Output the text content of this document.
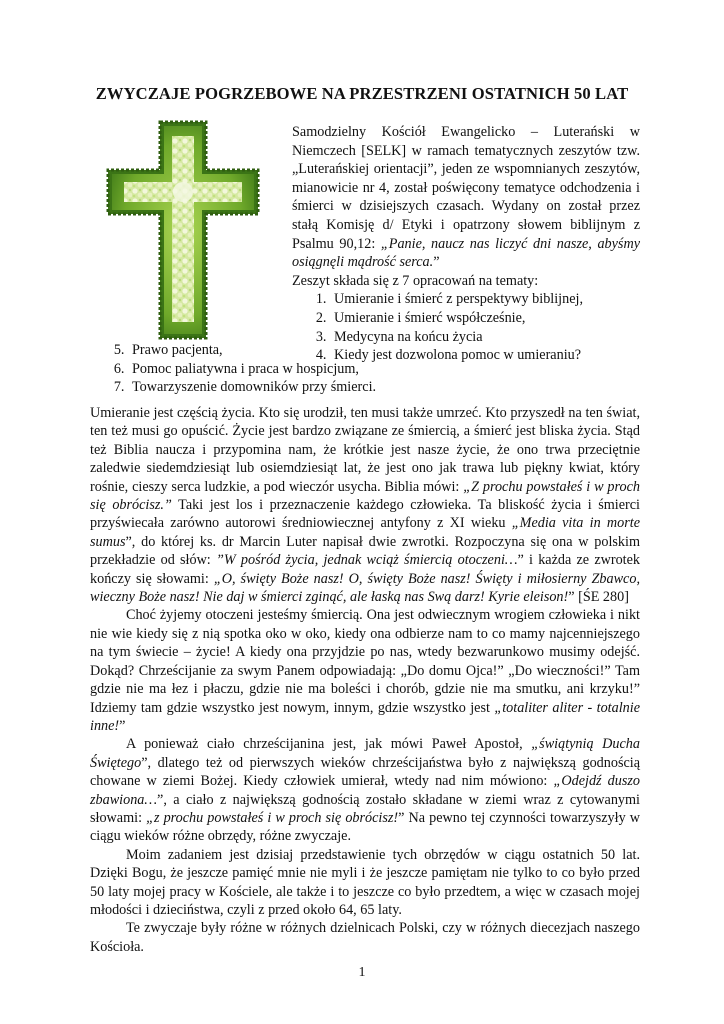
ZWYCZAJE POGRZEBOWE NA PRZESTRZENI OSTATNICH 50 LAT

Samodzielny Kościół Ewangelicko – Luterański w Niemczech [SELK] w ramach tematycznych zeszytów tzw. „Luterańskiej orientacji”, jeden ze wspomnianych zeszytów, mianowicie nr 4, został poświęcony tematyce odchodzenia i śmierci w dzisiejszych czasach. Wydany on został przez stałą Komisję d/ Etyki i opatrzony słowem biblijnym z Psalmu 90,12: „Panie, naucz nas liczyć dni nasze, abyśmy osiągnęli mądrość serca.”

Zeszyt składa się z 7 opracowań na tematy:

1. Umieranie i śmierć z perspektywy biblijnej,
2. Umieranie i śmierć współcześnie,
3. Medycyna na końcu życia
4. Kiedy jest dozwolona pomoc w umieraniu?
5. Prawo pacjenta,
6. Pomoc paliatywna i praca w hospicjum,
7. Towarzyszenie domowników przy śmierci.

Umieranie jest częścią życia. Kto się urodził, ten musi także umrzeć. Kto przyszedł na ten świat, ten też musi go opuścić. Życie jest bardzo związane ze śmiercią, a śmierć jest bliska życia. Stąd też Biblia naucza i przypomina nam, że krótkie jest nasze życie, że ono trwa przeciętnie zaledwie siedemdziesiąt lub osiemdziesiąt lat, że jest ono jak trawa lub piękny kwiat, który rośnie, cieszy serca ludzkie, a pod wieczór usycha. Biblia mówi: „Z prochu powstałeś i w proch się obrócisz.” Taki jest los i przeznaczenie każdego człowieka. Ta bliskość życia i śmierci przyświecała zarówno autorowi średniowiecznej antyfony z XI wieku „Media vita in morte sumus”, do której ks. dr Marcin Luter napisał dwie zwrotki. Rozpoczyna się ona w polskim przekładzie od słów: ”W pośród życia, jednak wciąż śmiercią otoczeni…” i każda ze zwrotek kończy się słowami: „O, święty Boże nasz! O, święty Boże nasz! Święty i miłosierny Zbawco, wieczny Boże nasz! Nie daj w śmierci zginąć, ale łaską nas Swą darz! Kyrie eleison!” [ŚE 280]

Choć żyjemy otoczeni jesteśmy śmiercią. Ona jest odwiecznym wrogiem człowieka i nikt nie wie kiedy się z nią spotka oko w oko, kiedy ona odbierze nam to co mamy najcenniejszego na tym świecie – życie! A kiedy ona przyjdzie po nas, wtedy bezwarunkowo musimy odejść. Dokąd? Chrześcijanie za swym Panem odpowiadają: „Do domu Ojca!” „Do wieczności!” Tam gdzie nie ma łez i płaczu, gdzie nie ma boleści i chorób, gdzie nie ma smutku, ani krzyku!” Idziemy tam gdzie wszystko jest nowym, innym, gdzie wszystko jest „totaliter aliter - totalnie inne!”

A ponieważ ciało chrześcijanina jest, jak mówi Paweł Apostoł, „świątynią Ducha Świętego”, dlatego też od pierwszych wieków chrześcijaństwa było z największą godnością chowane w ziemi Bożej. Kiedy człowiek umierał, wtedy nad nim mówiono: „Odejdź duszo zbawiona…”, a ciało z największą godnością zostało składane w ziemi wraz z cytowanymi słowami: „z prochu powstałeś i w proch się obrócisz!” Na pewno tej czynności towarzyszyły w ciągu wieków różne obrzędy, różne zwyczaje.

Moim zadaniem jest dzisiaj przedstawienie tych obrzędów w ciągu ostatnich 50 lat. Dzięki Bogu, że jeszcze pamięć mnie nie myli i że jeszcze pamiętam nie tylko to co było przed 50 laty mojej pracy w Kościele, ale także i to jeszcze co było przedtem, a więc w czasach mojej młodości i dzieciństwa, czyli z przed około 64, 65 laty.

Te zwyczaje były różne w różnych dzielnicach Polski, czy w różnych diecezjach naszego Kościoła.

1
